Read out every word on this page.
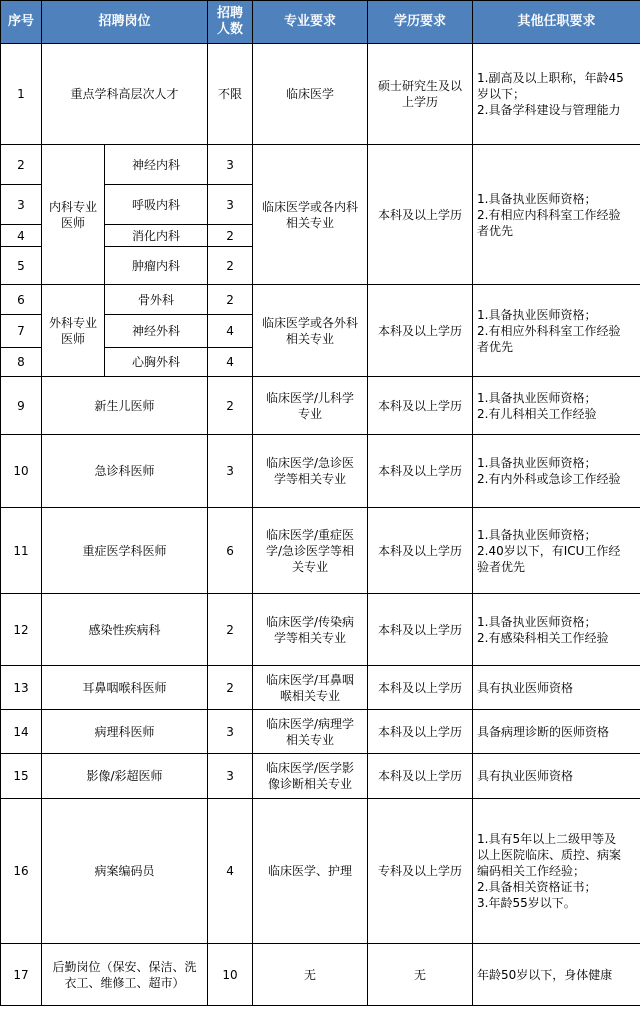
序号	招聘岗位		招聘
人数	专业要求	学历要求	其他任职要求
1	重点学科高层次人才		不限	临床医学	硕士研究生及以
上学历	1.副高及以上职称，年龄45
岁以下；
2.具备学科建设与管理能力
2	内科专业
医师	神经内科	3	临床医学或各内科
相关专业	本科及以上学历	1.具备执业医师资格；
2.有相应内科科室工作经验
者优先
3		呼吸内科	3			
4		消化内科	2			
5		肿瘤内科	2			
6	外科专业
医师	骨外科	2	临床医学或各外科
相关专业	本科及以上学历	1.具备执业医师资格；
2.有相应外科科室工作经验
者优先
7		神经外科	4			
8		心胸外科	4			
9	新生儿医师		2	临床医学/儿科学
专业	本科及以上学历	1.具备执业医师资格；
2.有儿科相关工作经验
10	急诊科医师		3	临床医学/急诊医
学等相关专业	本科及以上学历	1.具备执业医师资格；
2.有内外科或急诊工作经验
11	重症医学科医师		6	临床医学/重症医
学/急诊医学等相
关专业	本科及以上学历	1.具备执业医师资格；
2.40岁以下，有ICU工作经
验者优先
12	感染性疾病科		2	临床医学/传染病
学等相关专业	本科及以上学历	1.具备执业医师资格；
2.有感染科相关工作经验
13	耳鼻咽喉科医师		2	临床医学/耳鼻咽
喉相关专业	本科及以上学历	具有执业医师资格
14	病理科医师		3	临床医学/病理学
相关专业	本科及以上学历	具备病理诊断的医师资格
15	影像/彩超医师		3	临床医学/医学影
像诊断相关专业	本科及以上学历	具有执业医师资格
16	病案编码员		4	临床医学、护理	专科及以上学历	1.具有5年以上二级甲等及
以上医院临床、质控、病案
编码相关工作经验；
2.具备相关资格证书；
3.年龄55岁以下。
17	后勤岗位（保安、保洁、洗
衣工、维修工、超市）		10	无	无	年龄50岁以下，身体健康
